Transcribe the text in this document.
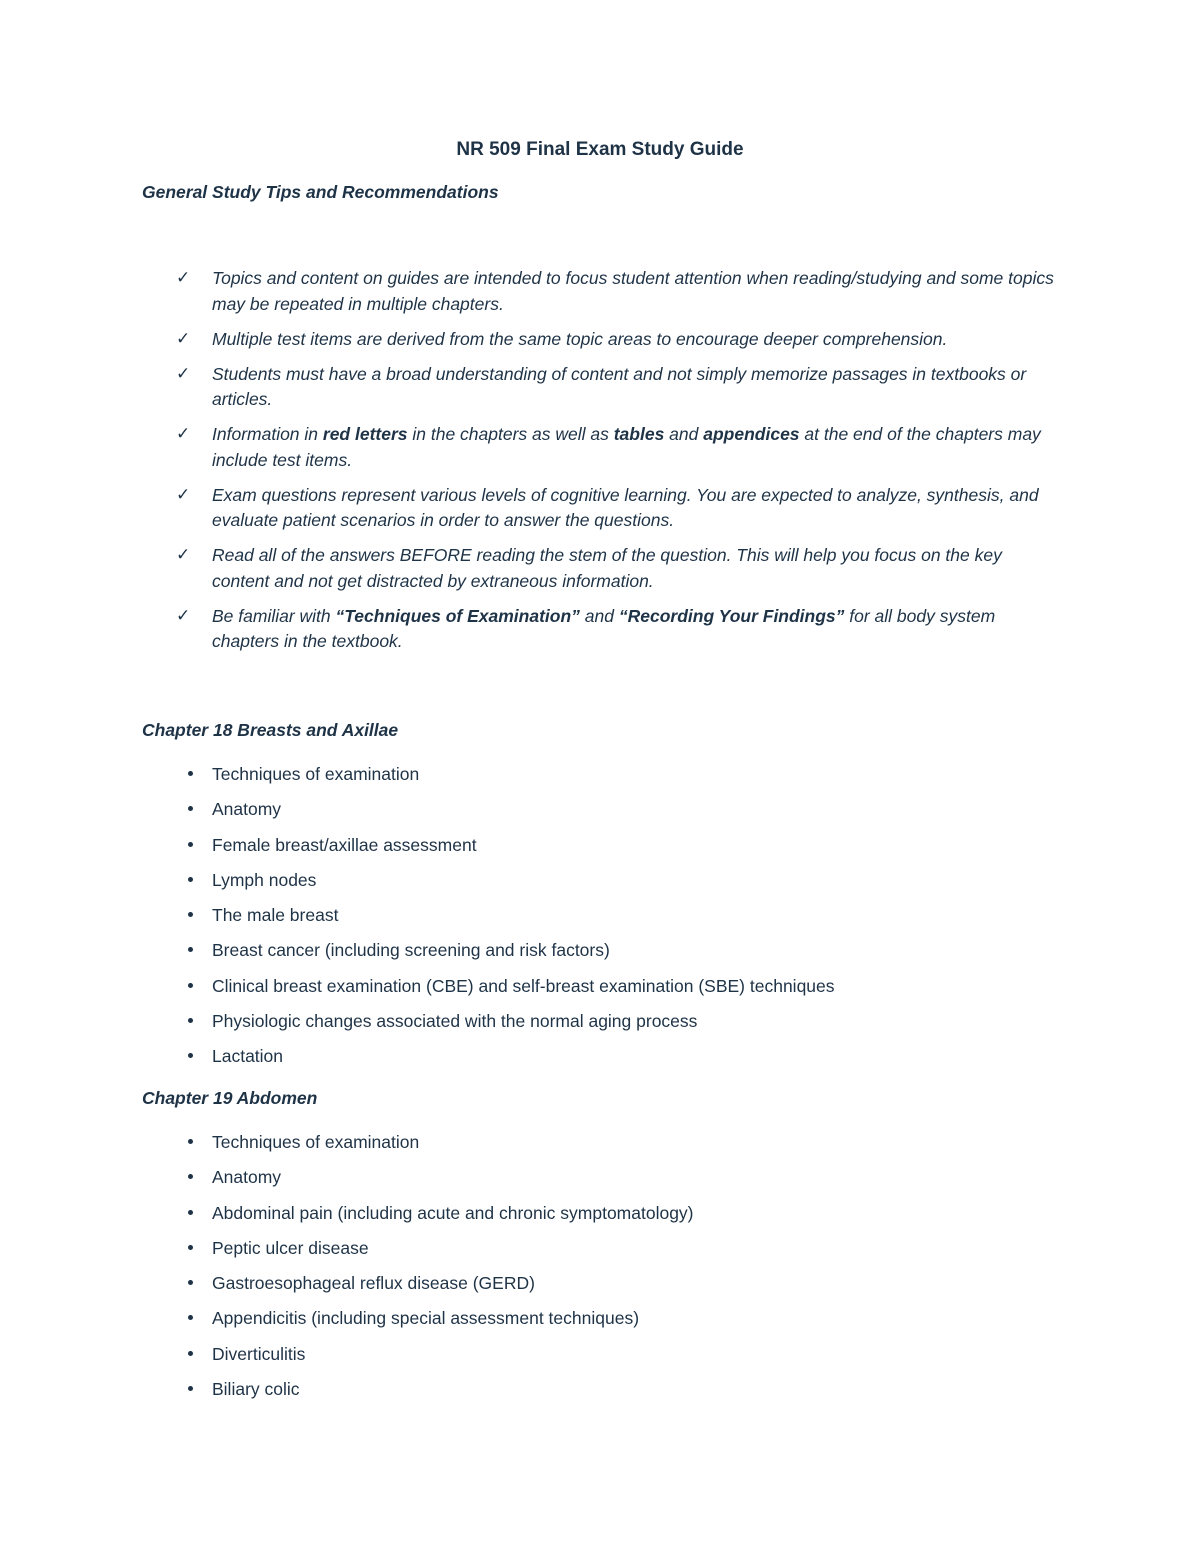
NR 509 Final Exam Study Guide
General Study Tips and Recommendations
✓ Topics and content on guides are intended to focus student attention when reading/studying and some topics may be repeated in multiple chapters.
✓ Multiple test items are derived from the same topic areas to encourage deeper comprehension.
✓ Students must have a broad understanding of content and not simply memorize passages in textbooks or articles.
✓ Information in red letters in the chapters as well as tables and appendices at the end of the chapters may include test items.
✓ Exam questions represent various levels of cognitive learning. You are expected to analyze, synthesis, and evaluate patient scenarios in order to answer the questions.
✓ Read all of the answers BEFORE reading the stem of the question. This will help you focus on the key content and not get distracted by extraneous information.
✓ Be familiar with “Techniques of Examination” and “Recording Your Findings” for all body system chapters in the textbook.
Chapter 18 Breasts and Axillae
Techniques of examination
Anatomy
Female breast/axillae assessment
Lymph nodes
The male breast
Breast cancer (including screening and risk factors)
Clinical breast examination (CBE) and self-breast examination (SBE) techniques
Physiologic changes associated with the normal aging process
Lactation
Chapter 19 Abdomen
Techniques of examination
Anatomy
Abdominal pain (including acute and chronic symptomatology)
Peptic ulcer disease
Gastroesophageal reflux disease (GERD)
Appendicitis (including special assessment techniques)
Diverticulitis
Biliary colic
